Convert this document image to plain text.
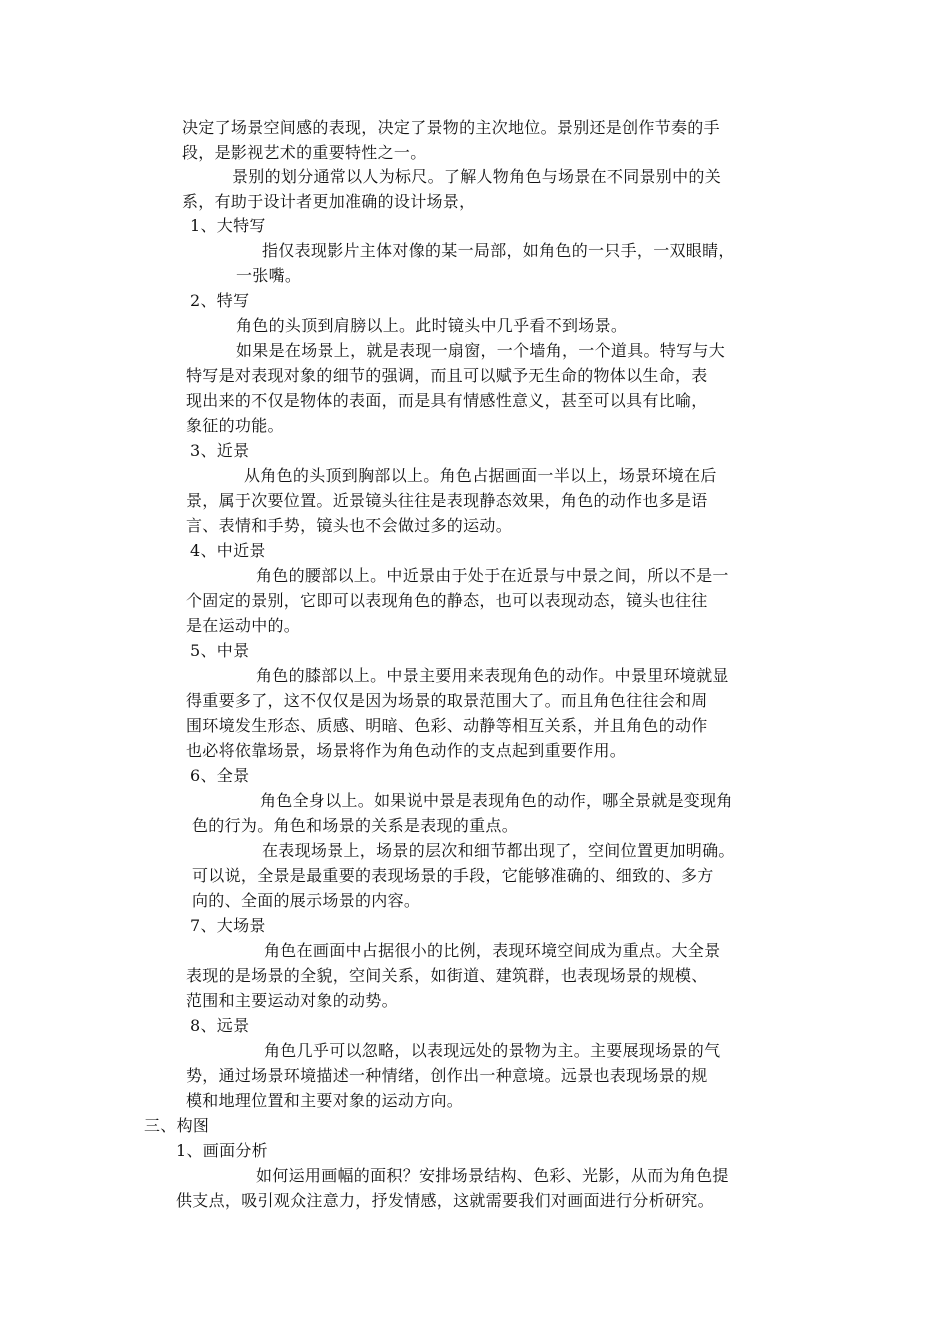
决定了场景空间感的表现，决定了景物的主次地位。景别还是创作节奏的手
段，是影视艺术的重要特性之一。
景别的划分通常以人为标尺。了解人物角色与场景在不同景别中的关
系，有助于设计者更加准确的设计场景，
1、大特写
指仅表现影片主体对像的某一局部，如角色的一只手，一双眼睛，
一张嘴。
2、特写
角色的头顶到肩膀以上。此时镜头中几乎看不到场景。
如果是在场景上，就是表现一扇窗，一个墙角，一个道具。特写与大
特写是对表现对象的细节的强调，而且可以赋予无生命的物体以生命，表
现出来的不仅是物体的表面，而是具有情感性意义，甚至可以具有比喻，
象征的功能。
3、近景
从角色的头顶到胸部以上。角色占据画面一半以上，场景环境在后
景，属于次要位置。近景镜头往往是表现静态效果，角色的动作也多是语
言、表情和手势，镜头也不会做过多的运动。
4、中近景
角色的腰部以上。中近景由于处于在近景与中景之间，所以不是一
个固定的景别，它即可以表现角色的静态，也可以表现动态，镜头也往往
是在运动中的。
5、中景
角色的膝部以上。中景主要用来表现角色的动作。中景里环境就显
得重要多了，这不仅仅是因为场景的取景范围大了。而且角色往往会和周
围环境发生形态、质感、明暗、色彩、动静等相互关系，并且角色的动作
也必将依靠场景，场景将作为角色动作的支点起到重要作用。
6、全景
角色全身以上。如果说中景是表现角色的动作，哪全景就是变现角
色的行为。角色和场景的关系是表现的重点。
在表现场景上，场景的层次和细节都出现了，空间位置更加明确。
可以说，全景是最重要的表现场景的手段，它能够准确的、细致的、多方
向的、全面的展示场景的内容。
7、大场景
角色在画面中占据很小的比例，表现环境空间成为重点。大全景
表现的是场景的全貌，空间关系，如街道、建筑群，也表现场景的规模、
范围和主要运动对象的动势。
8、远景
角色几乎可以忽略，以表现远处的景物为主。主要展现场景的气
势，通过场景环境描述一种情绪，创作出一种意境。远景也表现场景的规
模和地理位置和主要对象的运动方向。
三、构图
1、画面分析
如何运用画幅的面积？安排场景结构、色彩、光影，从而为角色提
供支点，吸引观众注意力，抒发情感，这就需要我们对画面进行分析研究。
